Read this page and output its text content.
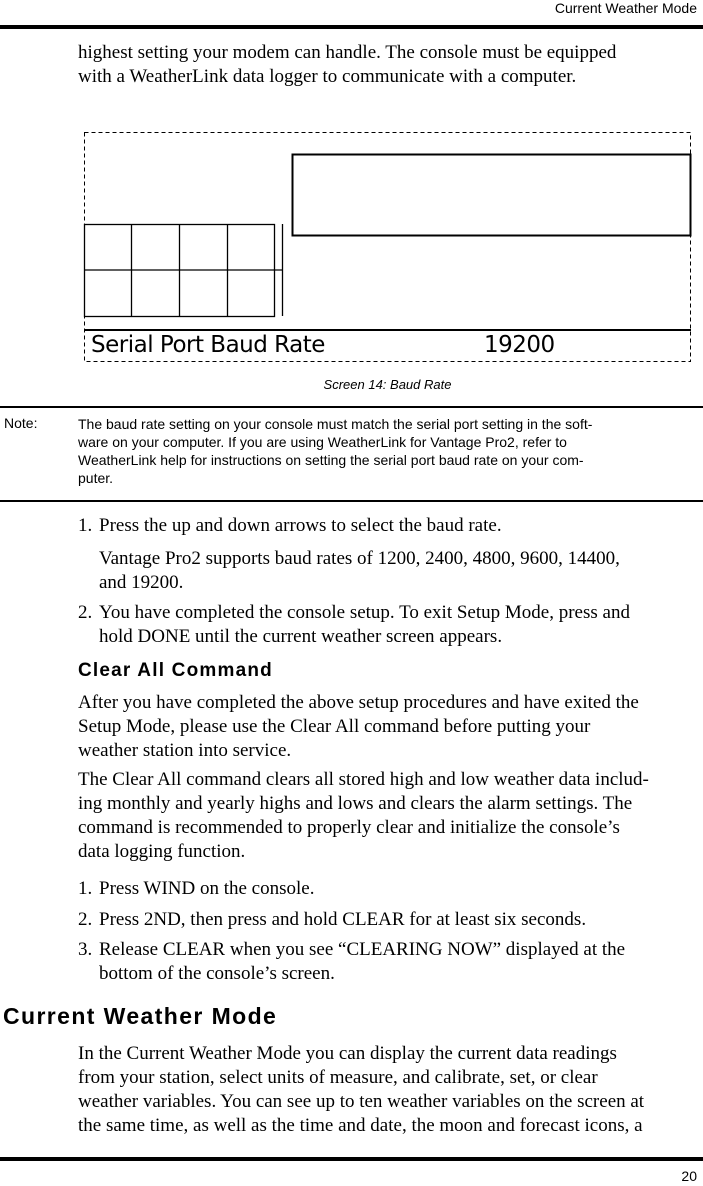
Current Weather Mode
highest setting your modem can handle. The console must be equipped
with a WeatherLink data logger to communicate with a computer.
Serial Port Baud Rate	19200
Screen 14: Baud Rate
Note:	The baud rate setting on your console must match the serial port setting in the soft-
ware on your computer. If you are using WeatherLink for Vantage Pro2, refer to
WeatherLink help for instructions on setting the serial port baud rate on your com-
puter.
1. Press the up and down arrows to select the baud rate.
Vantage Pro2 supports baud rates of 1200, 2400, 4800, 9600, 14400,
and 19200.
2. You have completed the console setup. To exit Setup Mode, press and
hold DONE until the current weather screen appears.
Clear All Command
After you have completed the above setup procedures and have exited the
Setup Mode, please use the Clear All command before putting your
weather station into service.
The Clear All command clears all stored high and low weather data includ-
ing monthly and yearly highs and lows and clears the alarm settings. The
command is recommended to properly clear and initialize the console’s
data logging function.
1. Press WIND on the console.
2. Press 2ND, then press and hold CLEAR for at least six seconds.
3. Release CLEAR when you see “CLEARING NOW” displayed at the
bottom of the console’s screen.
Current Weather Mode
In the Current Weather Mode you can display the current data readings
from your station, select units of measure, and calibrate, set, or clear
weather variables. You can see up to ten weather variables on the screen at
the same time, as well as the time and date, the moon and forecast icons, a
20
